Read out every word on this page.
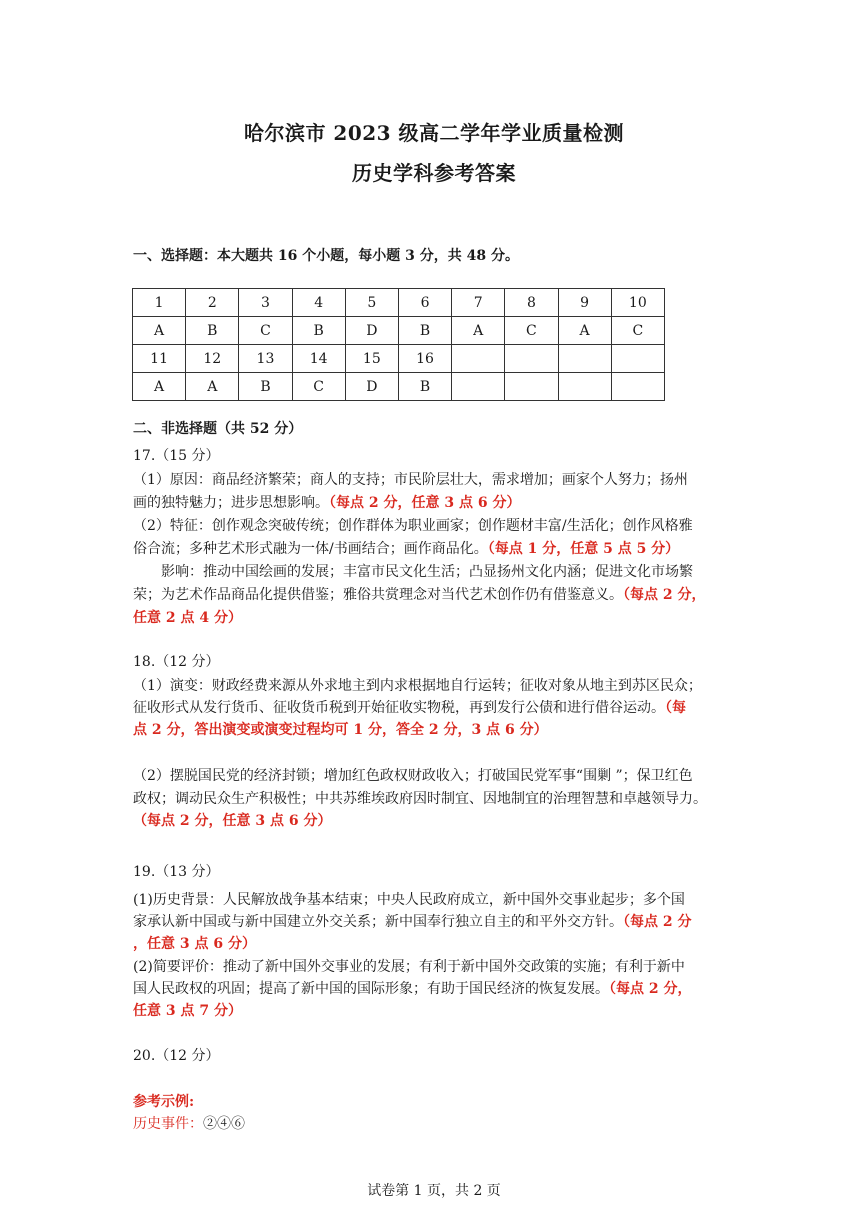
哈尔滨市 2023 级高二学年学业质量检测
历史学科参考答案
一、选择题：本大题共 16 个小题，每小题 3 分，共 48 分。
1	2	3	4	5	6	7	8	9	10
A	B	C	B	D	B	A	C	A	C
11	12	13	14	15	16				
A	A	B	C	D	B				
二、非选择题（共 52 分）
17.（15 分）
（1）原因：商品经济繁荣；商人的支持；市民阶层壮大，需求增加；画家个人努力；扬州
画的独特魅力；进步思想影响。（每点 2 分，任意 3 点 6 分）
（2）特征：创作观念突破传统；创作群体为职业画家；创作题材丰富/生活化；创作风格雅
俗合流；多种艺术形式融为一体/书画结合；画作商品化。（每点 1 分，任意 5 点 5 分）
影响：推动中国绘画的发展；丰富市民文化生活；凸显扬州文化内涵；促进文化市场繁
荣；为艺术作品商品化提供借鉴；雅俗共赏理念对当代艺术创作仍有借鉴意义。（每点 2 分，
任意 2 点 4 分）
18.（12 分）
（1）演变：财政经费来源从外求地主到内求根据地自行运转；征收对象从地主到苏区民众；
征收形式从发行货币、征收货币税到开始征收实物税，再到发行公债和进行借谷运动。（每
点 2 分，答出演变或演变过程均可 1 分，答全 2 分，3 点 6 分）
（2）摆脱国民党的经济封锁；增加红色政权财政收入；打破国民党军事“围剿 ”；保卫红色
政权；调动民众生产积极性；中共苏维埃政府因时制宜、因地制宜的治理智慧和卓越领导力。
（每点 2 分，任意 3 点 6 分）
19.（13 分）
(1)历史背景：人民解放战争基本结束；中央人民政府成立，新中国外交事业起步；多个国
家承认新中国或与新中国建立外交关系；新中国奉行独立自主的和平外交方针。（每点 2 分
，任意 3 点 6 分）
(2)简要评价：推动了新中国外交事业的发展；有利于新中国外交政策的实施；有利于新中
国人民政权的巩固；提高了新中国的国际形象；有助于国民经济的恢复发展。（每点 2 分，
任意 3 点 7 分）
20.（12 分）
参考示例:
历史事件：②④⑥
试卷第 1 页，共 2 页
